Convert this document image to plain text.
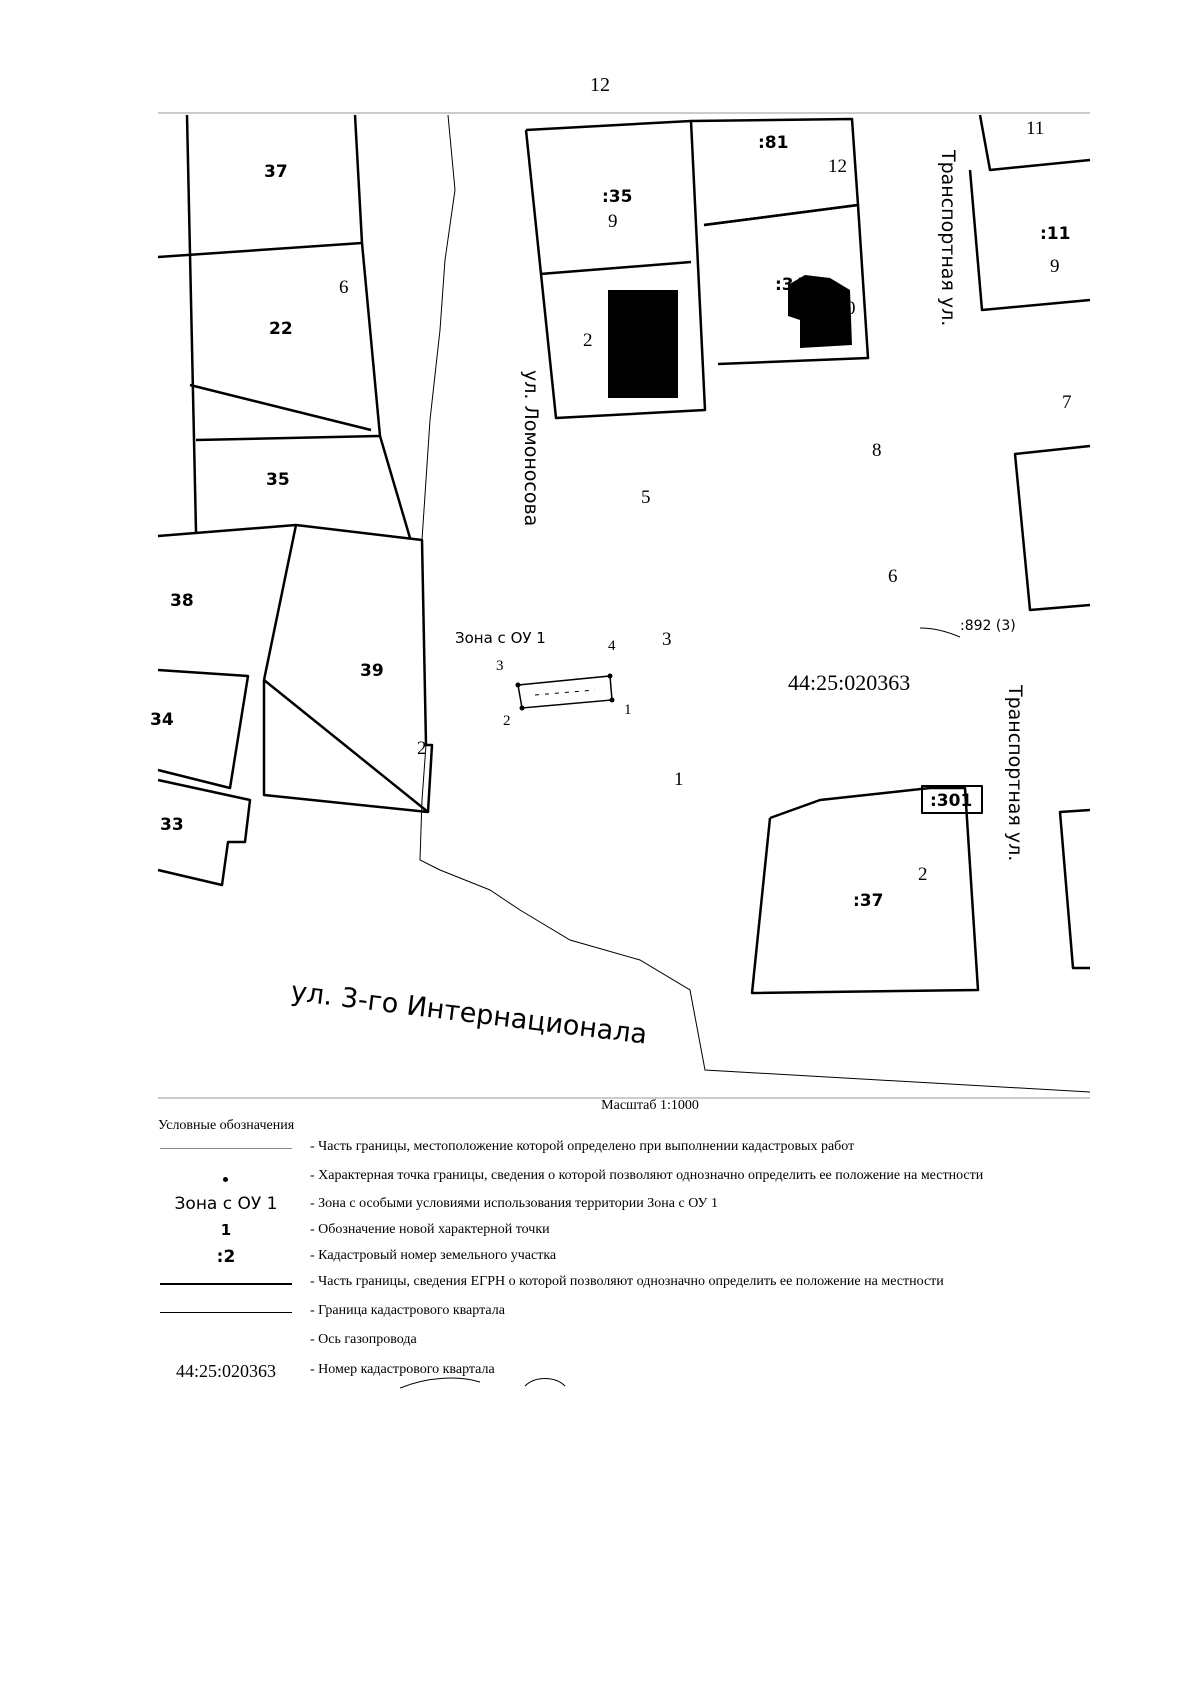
12
37
22
35
38
39
34
33
:35
:81
:34
:11
:37
:301
57
48
:892 (3)
6
9
12
11
9
2
0
7
8
5
6
3
1
2
2
Зона с ОУ 1
1
2
3
4
44:25:020363
ул. Ломоносова
Транспортная ул.
Транспортная ул.
ул. 3-го Интернационала
Масштаб 1:1000
Условные обозначения
- Часть границы, местоположение которой определено при выполнении кадастровых работ
- Характерная точка границы, сведения о которой позволяют однозначно определить ее положение на местности
Зона с ОУ 1	- Зона с особыми условиями использования территории Зона с ОУ 1
1	- Обозначение новой характерной точки
:2	- Кадастровый номер земельного участка
- Часть границы, сведения ЕГРН о которой позволяют однозначно определить ее положение на местности
- Граница кадастрового квартала
- Ось газопровода
44:25:020363	- Номер кадастрового квартала
